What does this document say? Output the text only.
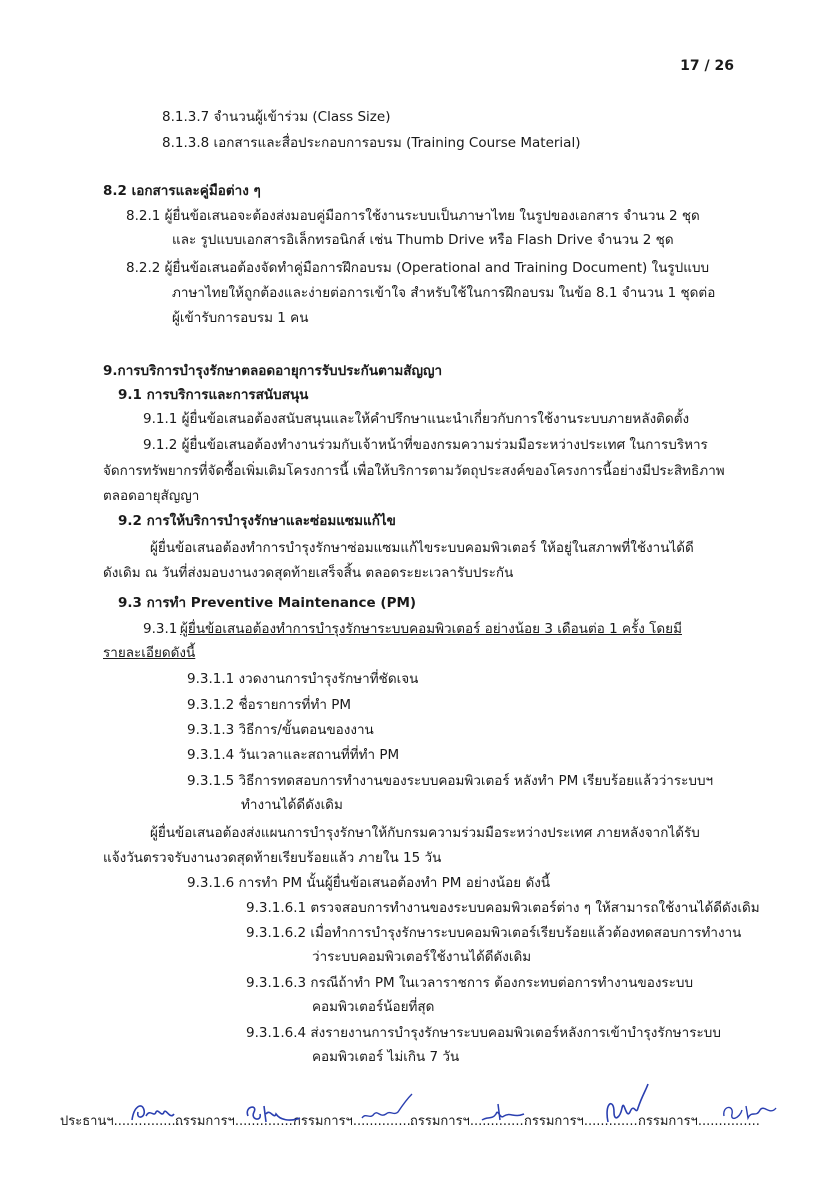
17 / 26
8.1.3.7 จำนวนผู้เข้าร่วม (Class Size)
8.1.3.8 เอกสารและสื่อประกอบการอบรม (Training Course Material)
8.2 เอกสารและคู่มือต่าง ๆ
8.2.1 ผู้ยื่นข้อเสนอจะต้องส่งมอบคู่มือการใช้งานระบบเป็นภาษาไทย ในรูปของเอกสาร จำนวน 2 ชุด
และ รูปแบบเอกสารอิเล็กทรอนิกส์ เช่น Thumb Drive หรือ Flash Drive จำนวน 2 ชุด
8.2.2 ผู้ยื่นข้อเสนอต้องจัดทำคู่มือการฝึกอบรม (Operational and Training Document) ในรูปแบบ
ภาษาไทยให้ถูกต้องและง่ายต่อการเข้าใจ สำหรับใช้ในการฝึกอบรม ในข้อ 8.1 จำนวน 1 ชุดต่อ
ผู้เข้ารับการอบรม 1 คน
9.การบริการบำรุงรักษาตลอดอายุการรับประกันตามสัญญา
9.1 การบริการและการสนับสนุน
9.1.1 ผู้ยื่นข้อเสนอต้องสนับสนุนและให้คำปรึกษาแนะนำเกี่ยวกับการใช้งานระบบภายหลังติดตั้ง
9.1.2 ผู้ยื่นข้อเสนอต้องทำงานร่วมกับเจ้าหน้าที่ของกรมความร่วมมือระหว่างประเทศ ในการบริหาร
จัดการทรัพยากรที่จัดซื้อเพิ่มเติมโครงการนี้ เพื่อให้บริการตามวัตถุประสงค์ของโครงการนี้อย่างมีประสิทธิภาพ
ตลอดอายุสัญญา
9.2 การให้บริการบำรุงรักษาและซ่อมแซมแก้ไข
ผู้ยื่นข้อเสนอต้องทำการบำรุงรักษาซ่อมแซมแก้ไขระบบคอมพิวเตอร์ ให้อยู่ในสภาพที่ใช้งานได้ดี
ดังเดิม ณ วันที่ส่งมอบงานงวดสุดท้ายเสร็จสิ้น ตลอดระยะเวลารับประกัน
9.3 การทำ Preventive Maintenance (PM)
9.3.1 ผู้ยื่นข้อเสนอต้องทำการบำรุงรักษาระบบคอมพิวเตอร์ อย่างน้อย 3 เดือนต่อ 1 ครั้ง โดยมี
รายละเอียดดังนี้
9.3.1.1 งวดงานการบำรุงรักษาที่ชัดเจน
9.3.1.2 ชื่อรายการที่ทำ PM
9.3.1.3 วิธีการ/ขั้นตอนของงาน
9.3.1.4 วันเวลาและสถานที่ที่ทำ PM
9.3.1.5 วิธีการทดสอบการทำงานของระบบคอมพิวเตอร์ หลังทำ PM เรียบร้อยแล้วว่าระบบฯ
ทำงานได้ดีดังเดิม
ผู้ยื่นข้อเสนอต้องส่งแผนการบำรุงรักษาให้กับกรมความร่วมมือระหว่างประเทศ ภายหลังจากได้รับ
แจ้งวันตรวจรับงานงวดสุดท้ายเรียบร้อยแล้ว ภายใน 15 วัน
9.3.1.6 การทำ PM นั้นผู้ยื่นข้อเสนอต้องทำ PM อย่างน้อย ดังนี้
9.3.1.6.1 ตรวจสอบการทำงานของระบบคอมพิวเตอร์ต่าง ๆ ให้สามารถใช้งานได้ดีดังเดิม
9.3.1.6.2 เมื่อทำการบำรุงรักษาระบบคอมพิวเตอร์เรียบร้อยแล้วต้องทดสอบการทำงาน
ว่าระบบคอมพิวเตอร์ใช้งานได้ดีดังเดิม
9.3.1.6.3 กรณีถ้าทำ PM ในเวลาราชการ ต้องกระทบต่อการทำงานของระบบ
คอมพิวเตอร์น้อยที่สุด
9.3.1.6.4 ส่งรายงานการบำรุงรักษาระบบคอมพิวเตอร์หลังการเข้าบำรุงรักษาระบบ
คอมพิวเตอร์ ไม่เกิน 7 วัน
ประธานฯ.................
กรรมการฯ...............
กรรมการฯ...............
กรรมการฯ..............
กรรมการฯ..............
กรรมการฯ...............
